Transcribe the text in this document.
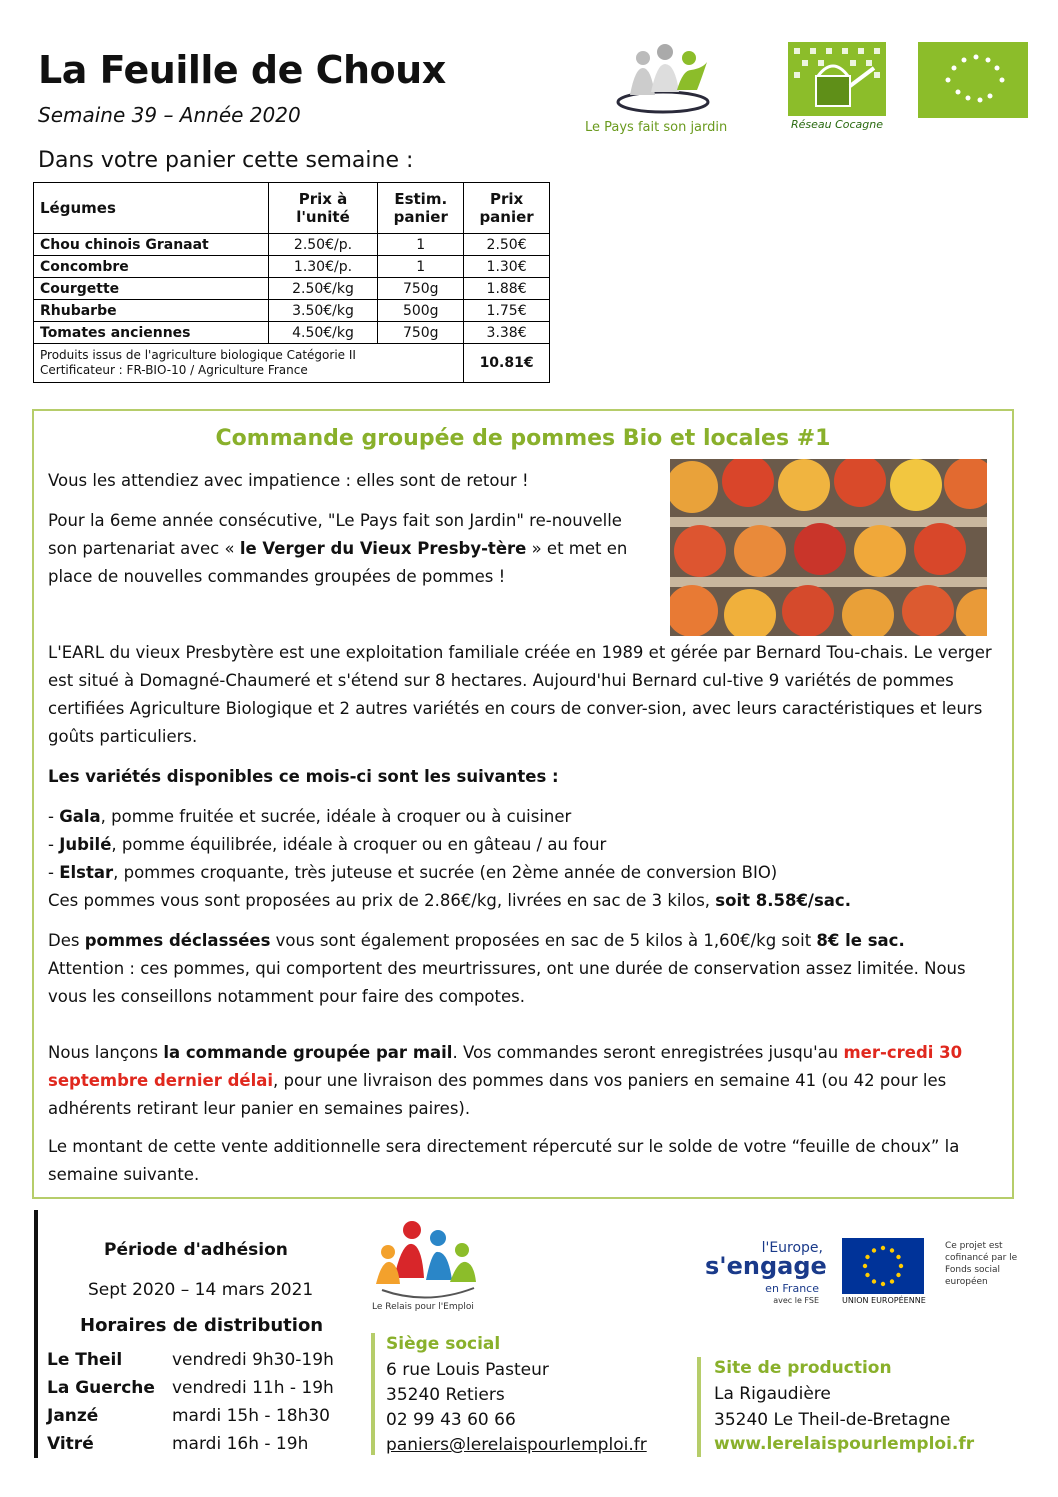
La Feuille de Choux
Semaine 39 – Année 2020
Dans votre panier cette semaine :
Le Pays fait son jardin	Réseau Cocagne
Légumes	Prix à l'unité	Estim. panier	Prix panier
Chou chinois Granaat	2.50€/p.	1	2.50€
Concombre	1.30€/p.	1	1.30€
Courgette	2.50€/kg	750g	1.88€
Rhubarbe	3.50€/kg	500g	1.75€
Tomates anciennes	4.50€/kg	750g	3.38€

Produits issus de l'agriculture biologique Catégorie II
Certificateur : FR-BIO-10 / Agriculture France			10.81€
Commande groupée de pommes Bio et locales #1
Vous les attendiez avec impatience : elles sont de retour !
Pour la 6eme année consécutive, "Le Pays fait son Jardin" re-nouvelle son partenariat avec « le Verger du Vieux Presby-tère » et met en place de nouvelles commandes groupées de pommes !
L'EARL du vieux Presbytère est une exploitation familiale créée en 1989 et gérée par Bernard Tou-chais. Le verger est situé à Domagné-Chaumeré et s'étend sur 8 hectares. Aujourd'hui Bernard cul-tive 9 variétés de pommes certifiées Agriculture Biologique et 2 autres variétés en cours de conver-sion, avec leurs caractéristiques et leurs goûts particuliers.
Les variétés disponibles ce mois-ci sont les suivantes :
- Gala, pomme fruitée et sucrée, idéale à croquer ou à cuisiner
- Jubilé, pomme équilibrée, idéale à croquer ou en gâteau / au four
- Elstar, pommes croquante, très juteuse et sucrée (en 2ème année de conversion BIO)
Ces pommes vous sont proposées au prix de 2.86€/kg, livrées en sac de 3 kilos, soit 8.58€/sac.
Des pommes déclassées vous sont également proposées en sac de 5 kilos à 1,60€/kg soit 8€ le sac.
Attention : ces pommes, qui comportent des meurtrissures, ont une durée de conservation assez limitée. Nous vous les conseillons notamment pour faire des compotes.
Nous lançons la commande groupée par mail. Vos commandes seront enregistrées jusqu'au mer-credi 30 septembre dernier délai, pour une livraison des pommes dans vos paniers en semaine 41 (ou 42 pour les adhérents retirant leur panier en semaines paires).
Le montant de cette vente additionnelle sera directement répercuté sur le solde de votre “feuille de choux” la semaine suivante.
Période d'adhésion
Sept 2020 – 14 mars 2021
Horaires de distribution
Le Theil	vendredi 9h30-19h
La Guerche vendredi 11h - 19h
Janzé	mardi 15h - 18h30
Vitré	mardi 16h - 19h
Le Relais pour l'Emploi
Siège social
6 rue Louis Pasteur
35240 Retiers
02 99 43 60 66
paniers@lerelaispourlemploi.fr
l'Europe,
s'engage
en France
avec le FSE	UNION EUROPÉENNE
Ce projet est cofinancé par le Fonds social européen
Site de production
La Rigaudière
35240 Le Theil-de-Bretagne
www.lerelaispourlemploi.fr
